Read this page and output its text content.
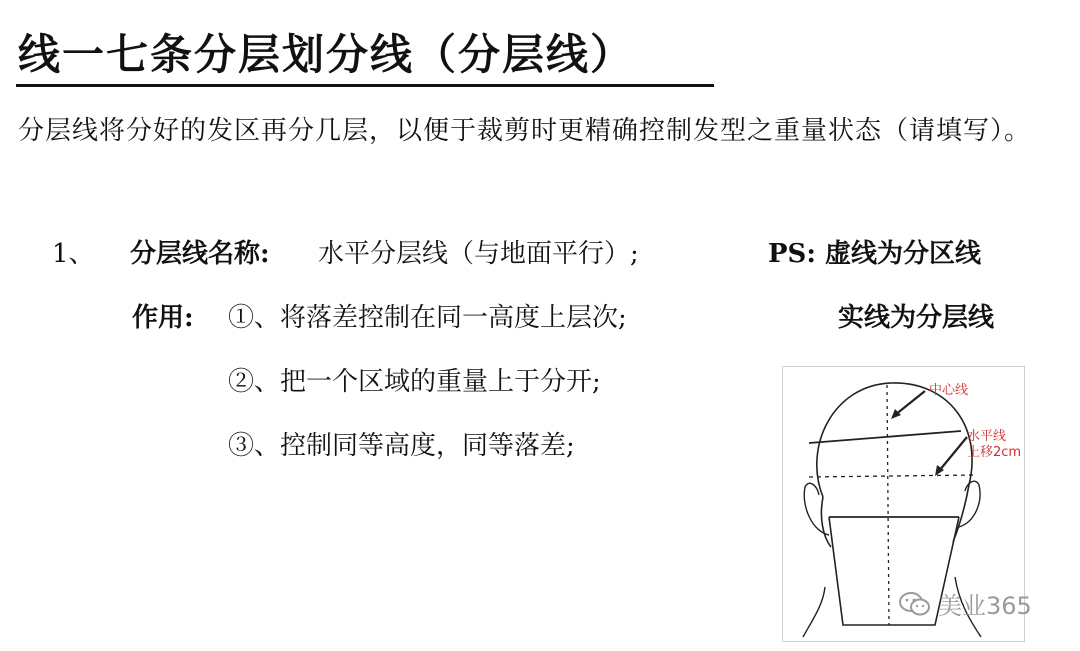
线一七条分层划分线（分层线）
分层线将分好的发区再分几层，以便于裁剪时更精确控制发型之重量状态（请填写）。
1、 分层线名称: 水平分层线（与地面平行）;	PS: 虚线为分区线
作用: ①、将落差控制在同一高度上层次;	实线为分层线
②、把一个区域的重量上于分开;
③、控制同等高度，同等落差;
中心线
水平线
上移2cm
美业365
